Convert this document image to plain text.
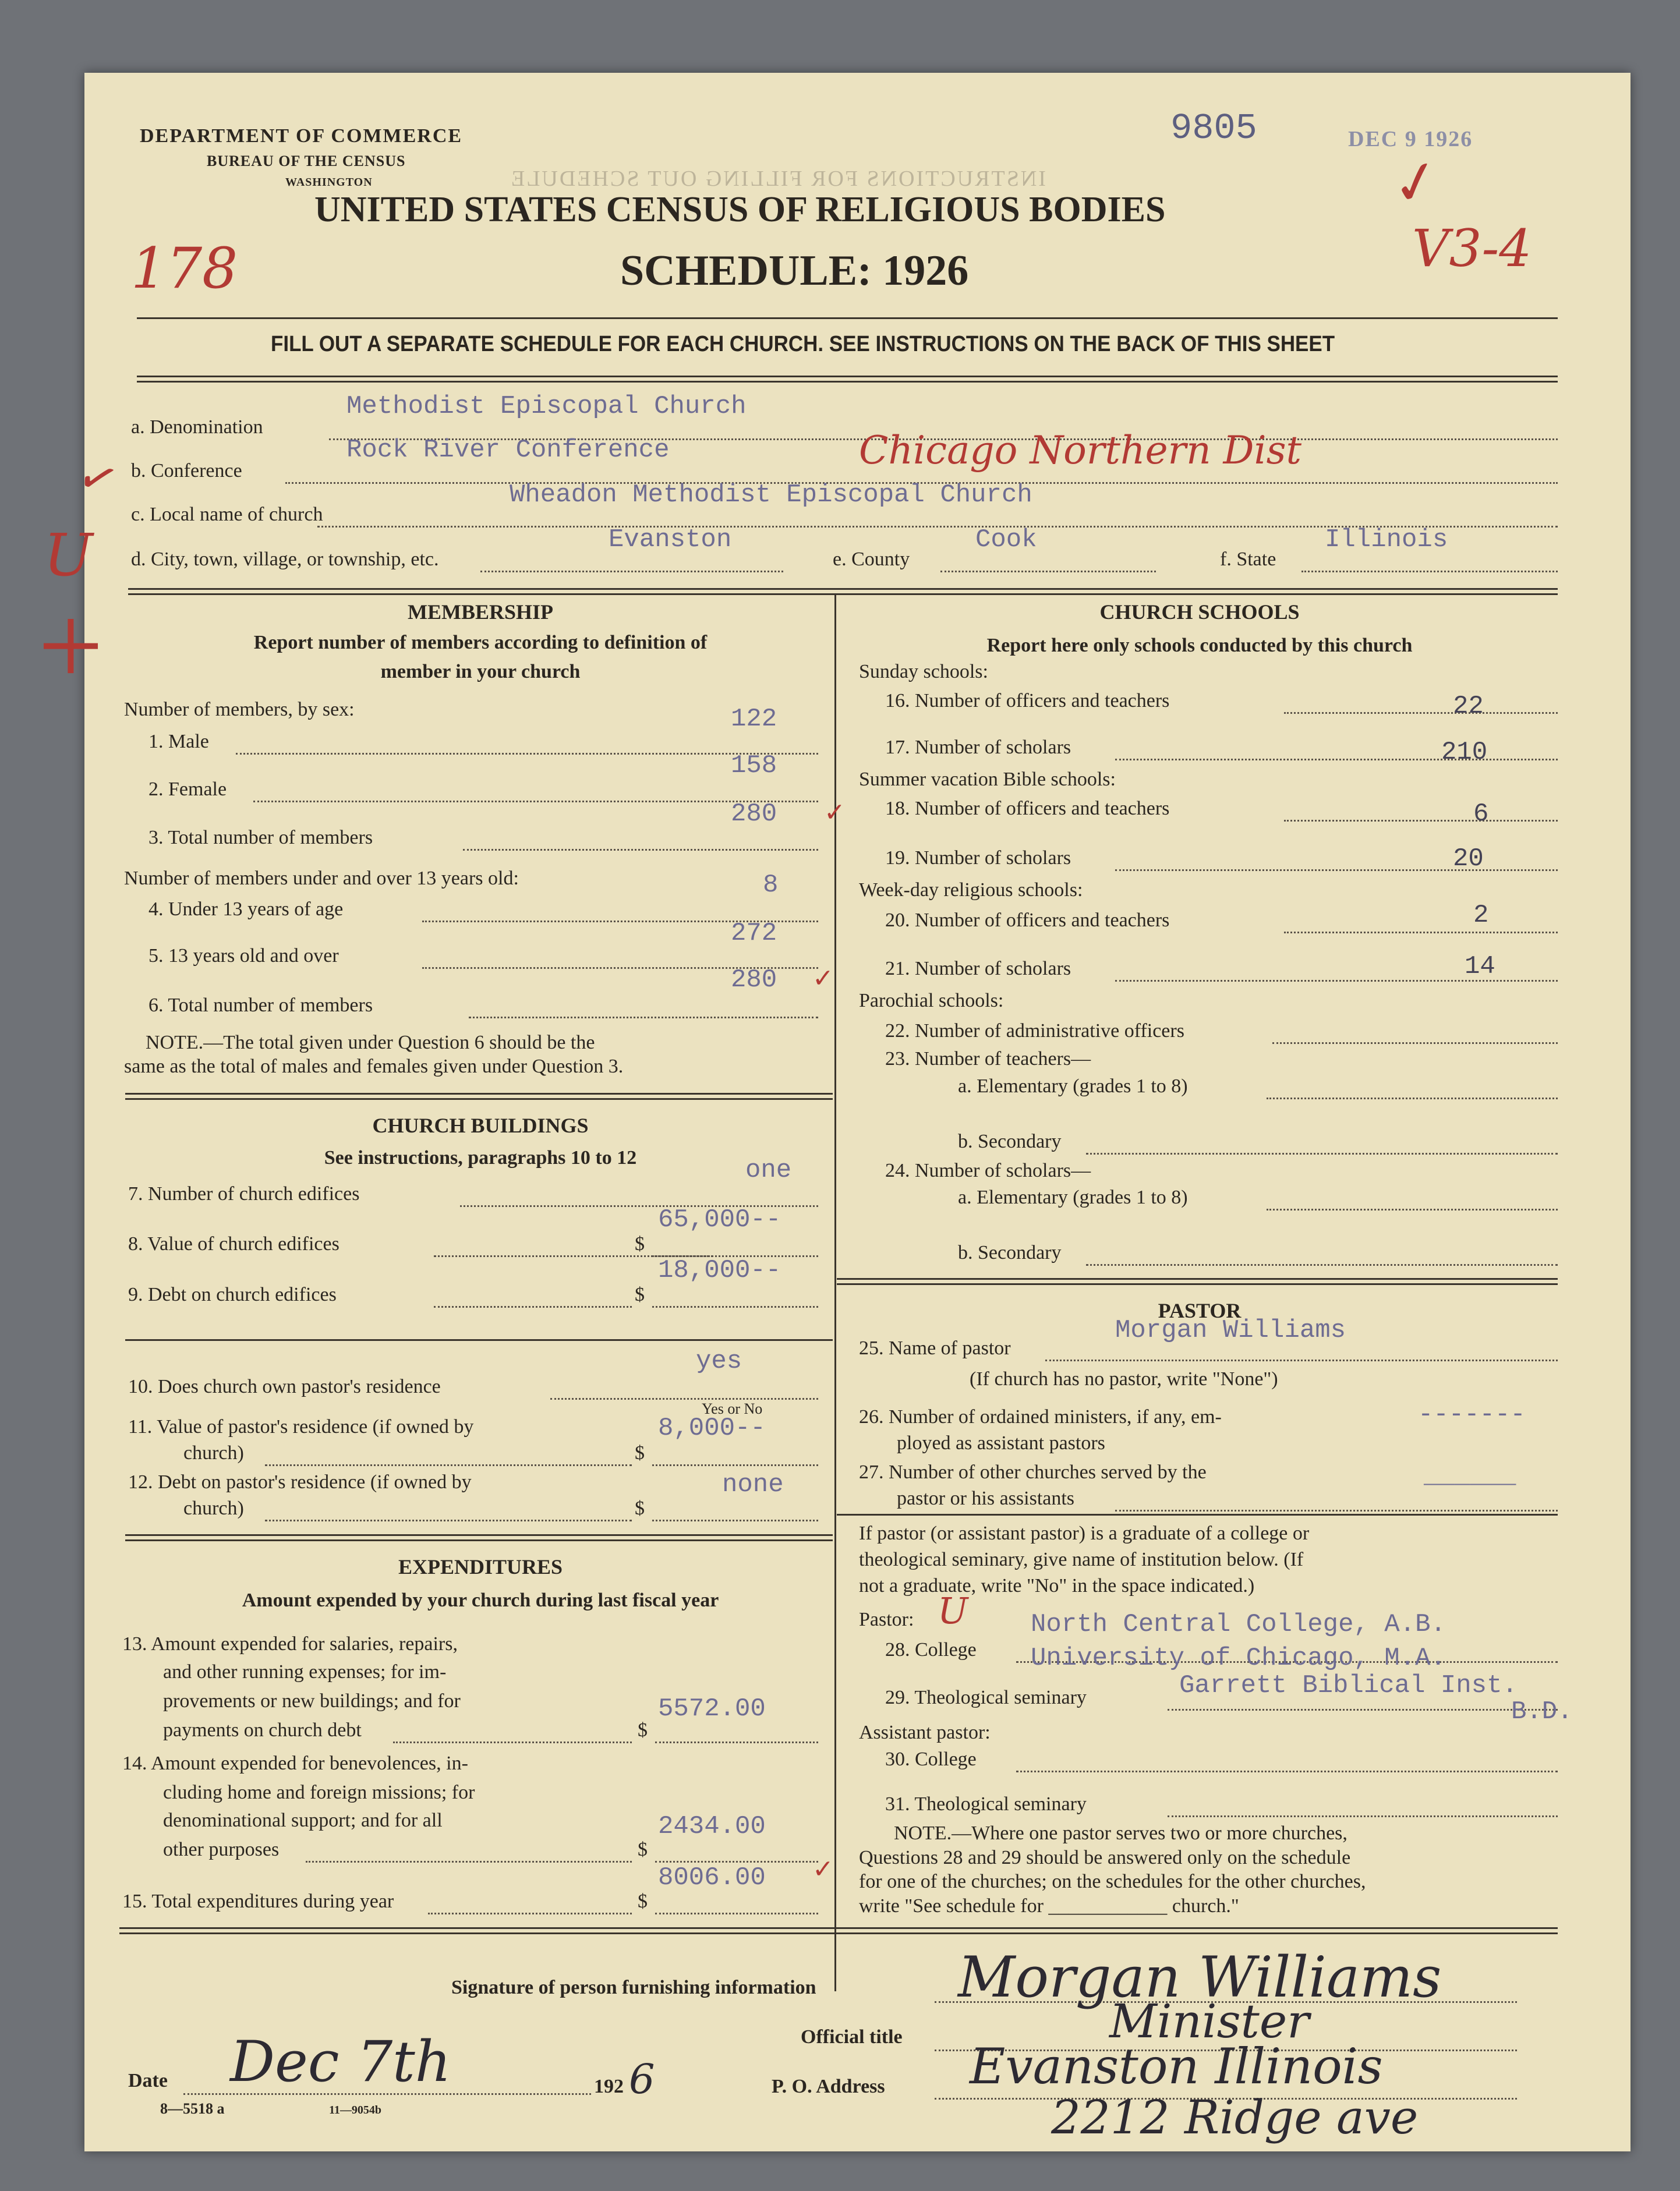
INSTRUCTIONS FOR FILLING OUT SCHEDULE
DEPARTMENT OF COMMERCE
BUREAU OF THE CENSUS
WASHINGTON
9805	DEC 9 1926
UNITED STATES CENSUS OF RELIGIOUS BODIES
SCHEDULE: 1926
178	V3-4
✓
FILL OUT A SEPARATE SCHEDULE FOR EACH CHURCH. SEE INSTRUCTIONS ON THE BACK OF THIS SHEET
a. Denomination
Methodist Episcopal Church
b. Conference
Rock River Conference	Chicago Northern Dist
c. Local name of church
Wheadon Methodist Episcopal Church
d. City, town, village, or township, etc.
Evanston
e. County
Cook
f. State
Illinois
✓
U
+	MEMBERSHIP
Report number of members according to definition of
member in your church
Number of members, by sex:
1. Male
122
2. Female
158
3. Total number of members
280 ✓
Number of members under and over 13 years old:
4. Under 13 years of age
8
5. 13 years old and over
272
6. Total number of members
280 ✓
NOTE.—The total given under Question 6 should be the
same as the total of males and females given under Question 3.
CHURCH BUILDINGS
See instructions, paragraphs 10 to 12
7. Number of church edifices
one
8. Value of church edifices	$
65,000--
9. Debt on church edifices	$
18,000--
10. Does church own pastor's residence
yes
Yes or No
11. Value of pastor's residence (if owned by
church)	$
8,000--
12. Debt on pastor's residence (if owned by
church)	$
none
EXPENDITURES
Amount expended by your church during last fiscal year
13. Amount expended for salaries, repairs,
and other running expenses; for im-
provements or new buildings; and for
payments on church debt	$
5572.00
14. Amount expended for benevolences, in-
cluding home and foreign missions; for
denominational support; and for all
other purposes	$
2434.00
15. Total expenditures during year	$
8006.00 ✓
CHURCH SCHOOLS
Report here only schools conducted by this church
Sunday schools:
16. Number of officers and teachers	22
17. Number of scholars	210
Summer vacation Bible schools:
18. Number of officers and teachers	6
19. Number of scholars	20
Week-day religious schools:
20. Number of officers and teachers	2
21. Number of scholars	14
Parochial schools:
22. Number of administrative officers
23. Number of teachers—
a. Elementary (grades 1 to 8)
b. Secondary
24. Number of scholars—
a. Elementary (grades 1 to 8)
b. Secondary
PASTOR
25. Name of pastor
Morgan Williams
(If church has no pastor, write "None")
26. Number of ordained ministers, if any, em-
ployed as assistant pastors
-------
27. Number of other churches served by the
pastor or his assistants
______
If pastor (or assistant pastor) is a graduate of a college or
theological seminary, give name of institution below. (If
not a graduate, write "No" in the space indicated.)
Pastor: U
28. College
North Central College, A.B.
University of Chicago, M.A.
29. Theological seminary	Garrett Biblical Inst.
B.D.
Assistant pastor:
30. College
31. Theological seminary
NOTE.—Where one pastor serves two or more churches,
Questions 28 and 29 should be answered only on the schedule
for one of the churches; on the schedules for the other churches,
write "See schedule for ____________ church."
Signature of person furnishing information	Morgan Williams
Official title	Minister
Date Dec 7th	192 6	P. O. Address Evanston Illinois
2212 Ridge ave
8—5518 a	11—9054b
